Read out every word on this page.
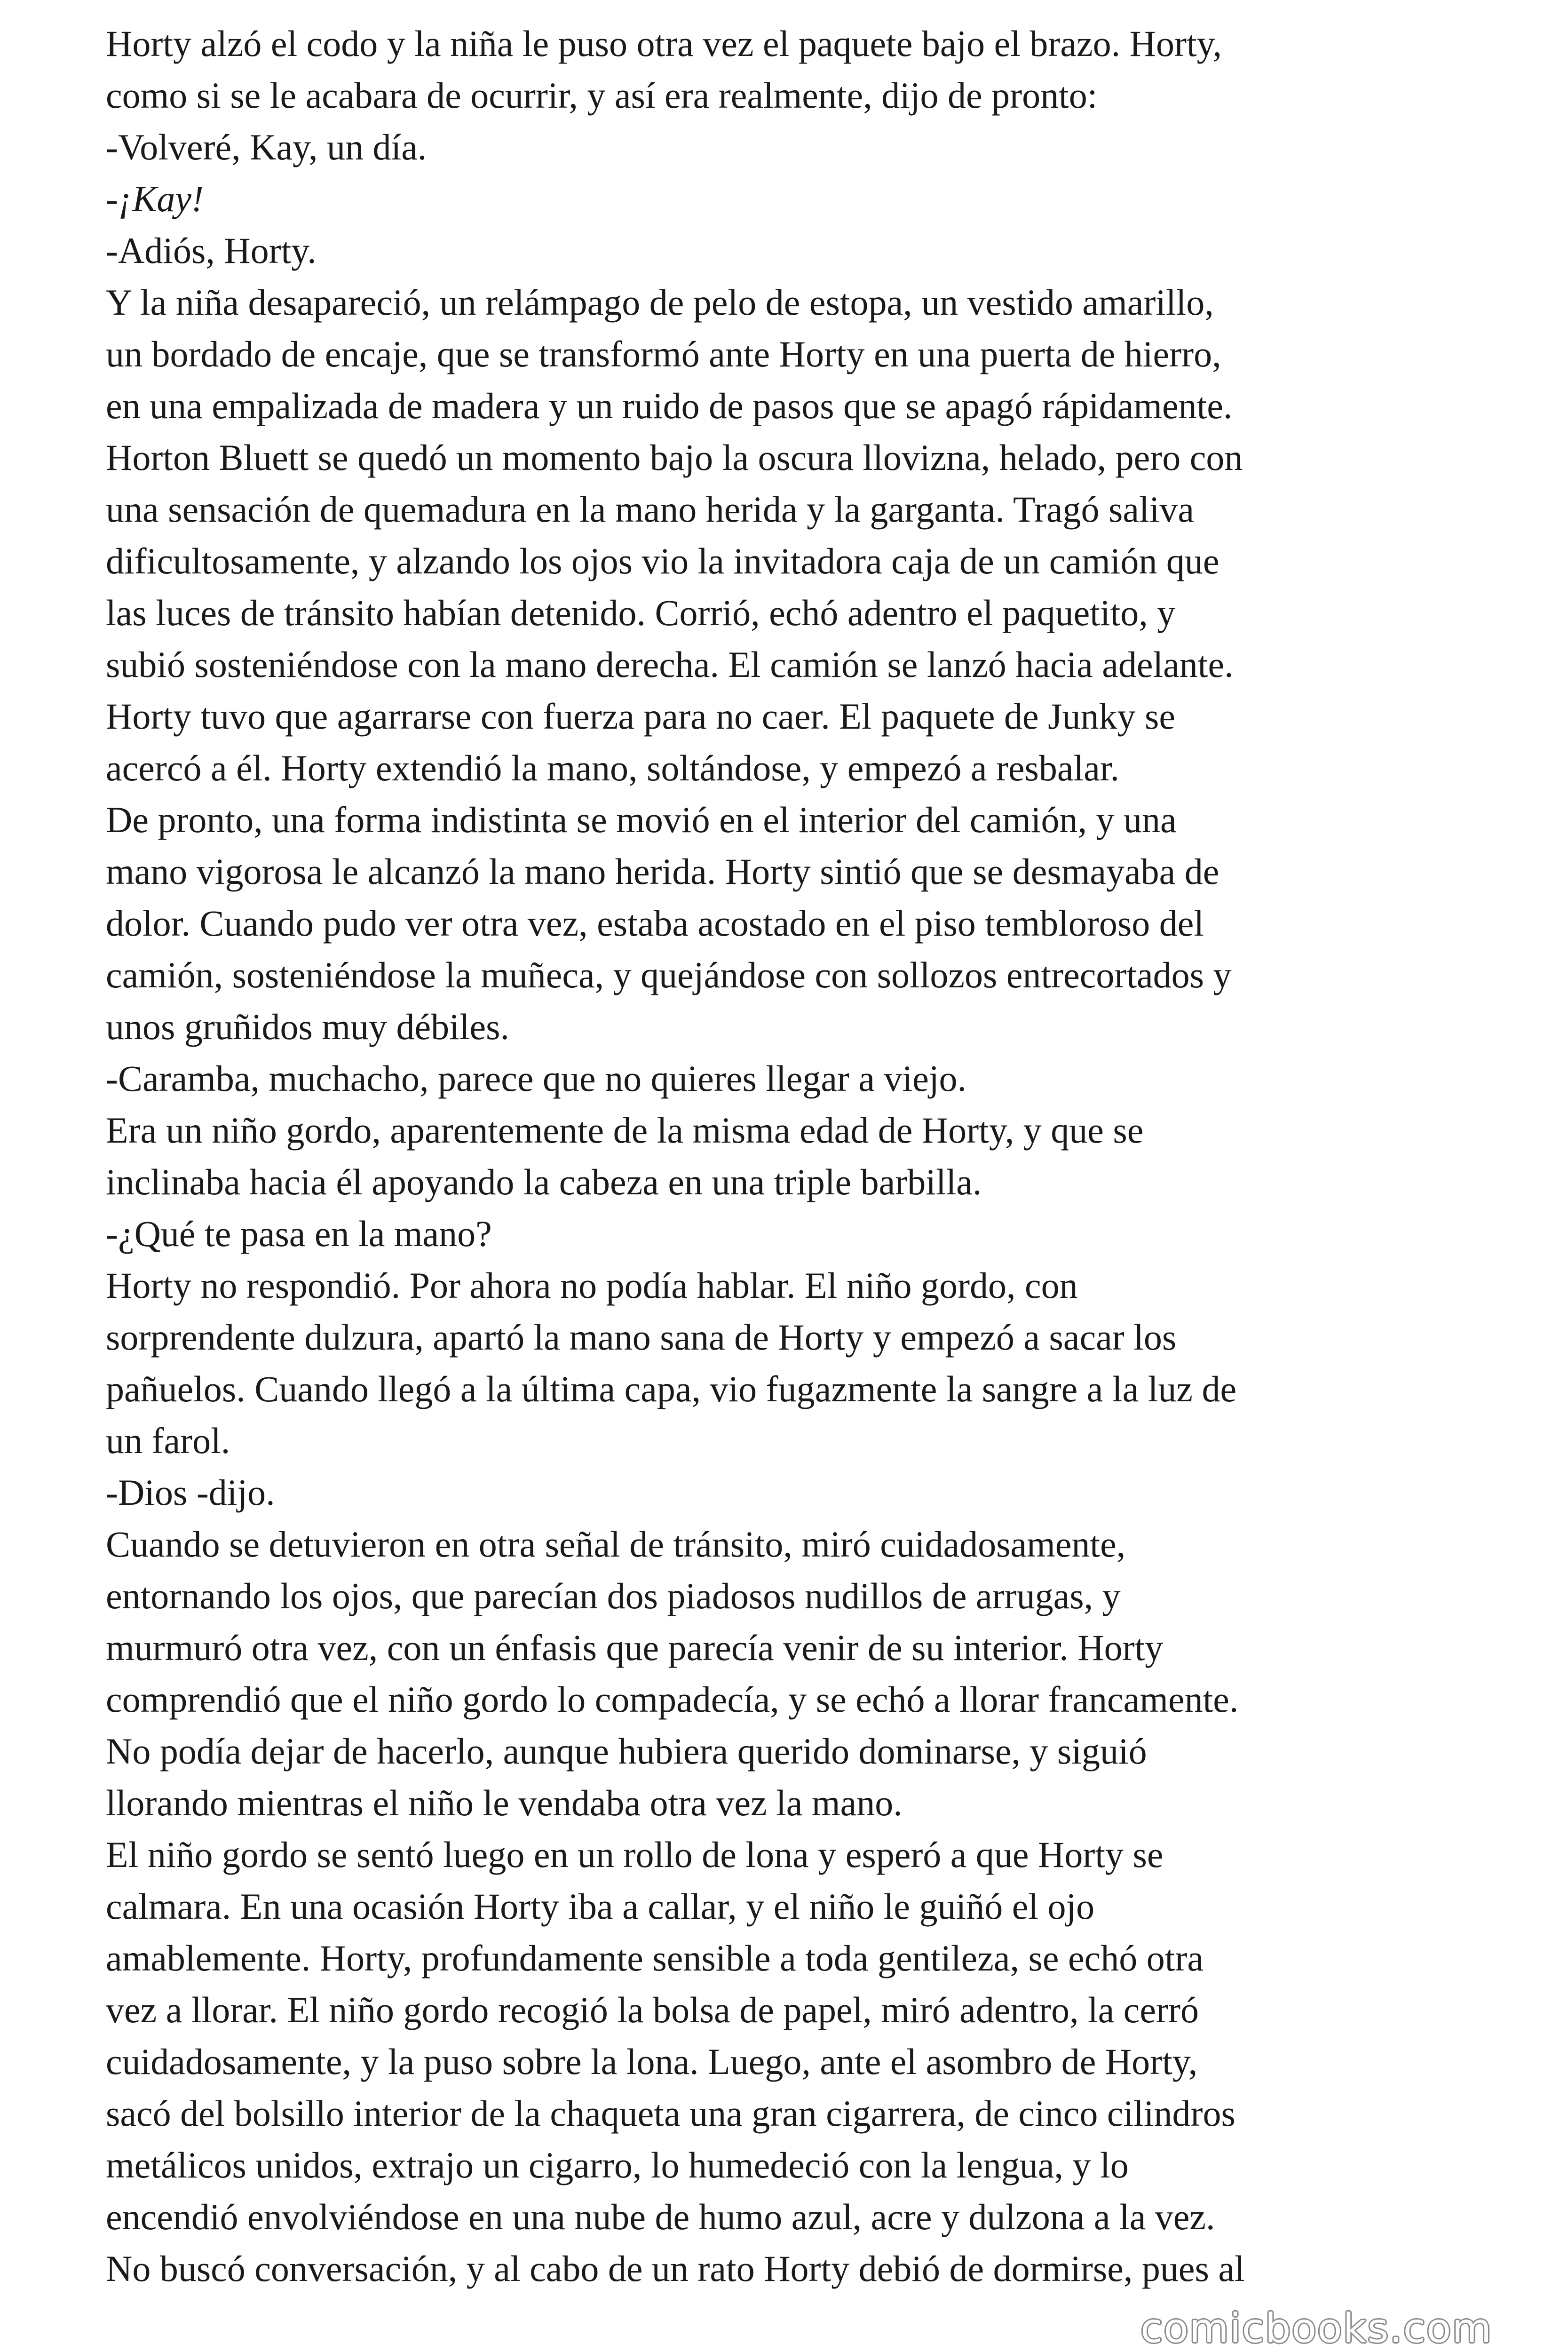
Horty alzó el codo y la niña le puso otra vez el paquete bajo el brazo. Horty,
como si se le acabara de ocurrir, y así era realmente, dijo de pronto:
-Volveré, Kay, un día.
-¡Kay!
-Adiós, Horty.
Y la niña desapareció, un relámpago de pelo de estopa, un vestido amarillo,
un bordado de encaje, que se transformó ante Horty en una puerta de hierro,
en una empalizada de madera y un ruido de pasos que se apagó rápidamente.
Horton Bluett se quedó un momento bajo la oscura llovizna, helado, pero con
una sensación de quemadura en la mano herida y la garganta. Tragó saliva
dificultosamente, y alzando los ojos vio la invitadora caja de un camión que
las luces de tránsito habían detenido. Corrió, echó adentro el paquetito, y
subió sosteniéndose con la mano derecha. El camión se lanzó hacia adelante.
Horty tuvo que agarrarse con fuerza para no caer. El paquete de Junky se
acercó a él. Horty extendió la mano, soltándose, y empezó a resbalar.
De pronto, una forma indistinta se movió en el interior del camión, y una
mano vigorosa le alcanzó la mano herida. Horty sintió que se desmayaba de
dolor. Cuando pudo ver otra vez, estaba acostado en el piso tembloroso del
camión, sosteniéndose la muñeca, y quejándose con sollozos entrecortados y
unos gruñidos muy débiles.
-Caramba, muchacho, parece que no quieres llegar a viejo.
Era un niño gordo, aparentemente de la misma edad de Horty, y que se
inclinaba hacia él apoyando la cabeza en una triple barbilla.
-¿Qué te pasa en la mano?
Horty no respondió. Por ahora no podía hablar. El niño gordo, con
sorprendente dulzura, apartó la mano sana de Horty y empezó a sacar los
pañuelos. Cuando llegó a la última capa, vio fugazmente la sangre a la luz de
un farol.
-Dios -dijo.
Cuando se detuvieron en otra señal de tránsito, miró cuidadosamente,
entornando los ojos, que parecían dos piadosos nudillos de arrugas, y
murmuró otra vez, con un énfasis que parecía venir de su interior. Horty
comprendió que el niño gordo lo compadecía, y se echó a llorar francamente.
No podía dejar de hacerlo, aunque hubiera querido dominarse, y siguió
llorando mientras el niño le vendaba otra vez la mano.
El niño gordo se sentó luego en un rollo de lona y esperó a que Horty se
calmara. En una ocasión Horty iba a callar, y el niño le guiñó el ojo
amablemente. Horty, profundamente sensible a toda gentileza, se echó otra
vez a llorar. El niño gordo recogió la bolsa de papel, miró adentro, la cerró
cuidadosamente, y la puso sobre la lona. Luego, ante el asombro de Horty,
sacó del bolsillo interior de la chaqueta una gran cigarrera, de cinco cilindros
metálicos unidos, extrajo un cigarro, lo humedeció con la lengua, y lo
encendió envolviéndose en una nube de humo azul, acre y dulzona a la vez.
No buscó conversación, y al cabo de un rato Horty debió de dormirse, pues al
comicbooks.com
